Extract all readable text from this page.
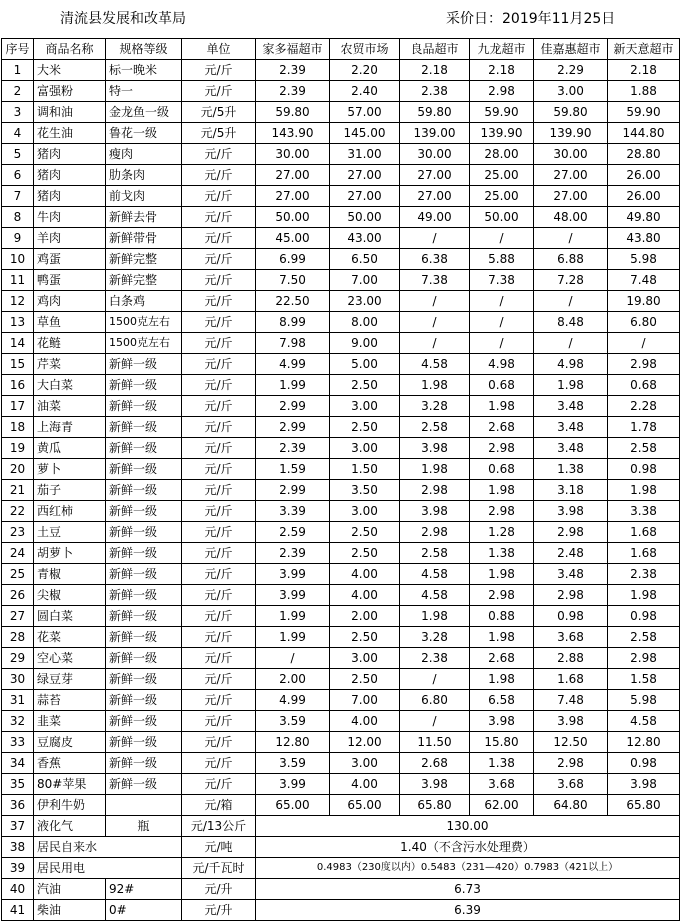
清流县发展和改革局	采价日：2019年11月25日
序号	商品名称	规格等级	单位	家多福超市	农贸市场	良品超市	九龙超市	佳嘉惠超市	新天意超市
1	大米	标一晚米	元/斤	2.39	2.20	2.18	2.18	2.29	2.18
2	富强粉	特一	元/斤	2.39	2.40	2.38	2.98	3.00	1.88
3	调和油	金龙鱼一级	元/5升	59.80	57.00	59.80	59.90	59.80	59.90
4	花生油	鲁花一级	元/5升	143.90	145.00	139.00	139.90	139.90	144.80
5	猪肉	瘦肉	元/斤	30.00	31.00	30.00	28.00	30.00	28.80
6	猪肉	肋条肉	元/斤	27.00	27.00	27.00	25.00	27.00	26.00
7	猪肉	前戈肉	元/斤	27.00	27.00	27.00	25.00	27.00	26.00
8	牛肉	新鲜去骨	元/斤	50.00	50.00	49.00	50.00	48.00	49.80
9	羊肉	新鲜带骨	元/斤	45.00	43.00	/	/	/	43.80
10	鸡蛋	新鲜完整	元/斤	6.99	6.50	6.38	5.88	6.88	5.98
11	鸭蛋	新鲜完整	元/斤	7.50	7.00	7.38	7.38	7.28	7.48
12	鸡肉	白条鸡	元/斤	22.50	23.00	/	/	/	19.80
13	草鱼	1500克左右	元/斤	8.99	8.00	/	/	8.48	6.80
14	花鲢	1500克左右	元/斤	7.98	9.00	/	/	/	/
15	芹菜	新鲜一级	元/斤	4.99	5.00	4.58	4.98	4.98	2.98
16	大白菜	新鲜一级	元/斤	1.99	2.50	1.98	0.68	1.98	0.68
17	油菜	新鲜一级	元/斤	2.99	3.00	3.28	1.98	3.48	2.28
18	上海青	新鲜一级	元/斤	2.99	2.50	2.58	2.68	3.48	1.78
19	黄瓜	新鲜一级	元/斤	2.39	3.00	3.98	2.98	3.48	2.58
20	萝卜	新鲜一级	元/斤	1.59	1.50	1.98	0.68	1.38	0.98
21	茄子	新鲜一级	元/斤	2.99	3.50	2.98	1.98	3.18	1.98
22	西红柿	新鲜一级	元/斤	3.39	3.00	3.98	2.98	3.98	3.38
23	土豆	新鲜一级	元/斤	2.59	2.50	2.98	1.28	2.98	1.68
24	胡萝卜	新鲜一级	元/斤	2.39	2.50	2.58	1.38	2.48	1.68
25	青椒	新鲜一级	元/斤	3.99	4.00	4.58	1.98	3.48	2.38
26	尖椒	新鲜一级	元/斤	3.99	4.00	4.58	2.98	2.98	1.98
27	圆白菜	新鲜一级	元/斤	1.99	2.00	1.98	0.88	0.98	0.98
28	花菜	新鲜一级	元/斤	1.99	2.50	3.28	1.98	3.68	2.58
29	空心菜	新鲜一级	元/斤	/	3.00	2.38	2.68	2.88	2.98
30	绿豆芽	新鲜一级	元/斤	2.00	2.50	/	1.98	1.68	1.58
31	蒜苔	新鲜一级	元/斤	4.99	7.00	6.80	6.58	7.48	5.98
32	韭菜	新鲜一级	元/斤	3.59	4.00	/	3.98	3.98	4.58
33	豆腐皮	新鲜一级	元/斤	12.80	12.00	11.50	15.80	12.50	12.80
34	香蕉	新鲜一级	元/斤	3.59	3.00	2.68	1.38	2.98	0.98
35	80#苹果	新鲜一级	元/斤	3.99	4.00	3.98	3.68	3.68	3.98
36	伊利牛奶		元/箱	65.00	65.00	65.80	62.00	64.80	65.80
37	液化气	瓶	元/13公斤	130.00					
38	居民自来水		元/吨	1.40（不含污水处理费）					
39	居民用电		元/千瓦时	0.4983（230度以内）0.5483（231—420）0.7983（421以上）					
40	汽油	92#	元/升	6.73					
41	柴油	0#	元/升	6.39					
